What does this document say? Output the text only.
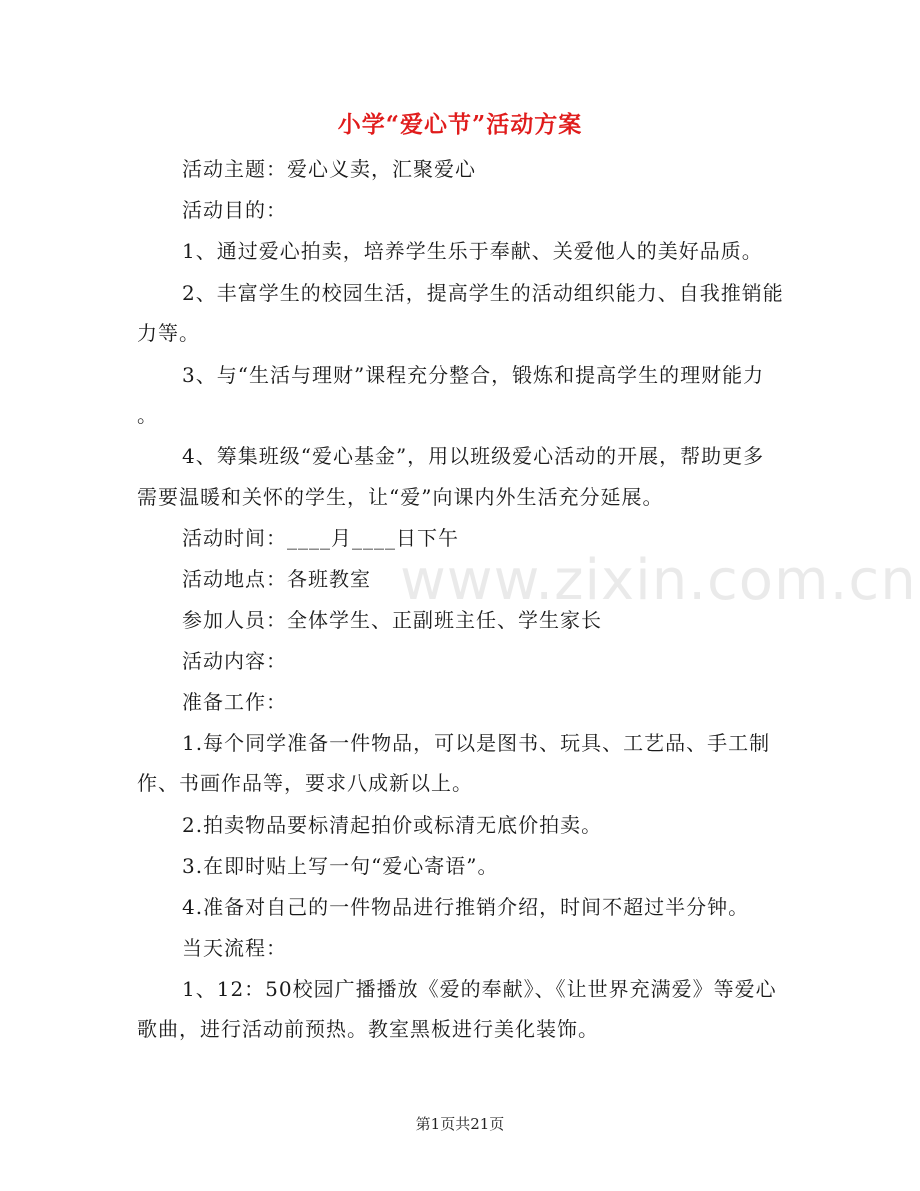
小学“爱心节”活动方案
www.zixin.com.cn
活动主题：爱心义卖，汇聚爱心
活动目的：
1、通过爱心拍卖，培养学生乐于奉献、关爱他人的美好品质。
2、丰富学生的校园生活，提高学生的活动组织能力、自我推销能
力等。
3、与“生活与理财”课程充分整合，锻炼和提高学生的理财能力
。
4、筹集班级“爱心基金”，用以班级爱心活动的开展，帮助更多
需要温暖和关怀的学生，让“爱”向课内外生活充分延展。
活动时间：____月____日下午
活动地点：各班教室
参加人员：全体学生、正副班主任、学生家长
活动内容：
准备工作：
1.每个同学准备一件物品，可以是图书、玩具、工艺品、手工制
作、书画作品等，要求八成新以上。
2.拍卖物品要标清起拍价或标清无底价拍卖。
3.在即时贴上写一句“爱心寄语”。
4.准备对自己的一件物品进行推销介绍，时间不超过半分钟。
当天流程：
1、12：50校园广播播放《爱的奉献》、《让世界充满爱》等爱心
歌曲，进行活动前预热。教室黑板进行美化装饰。
第1页共21页
